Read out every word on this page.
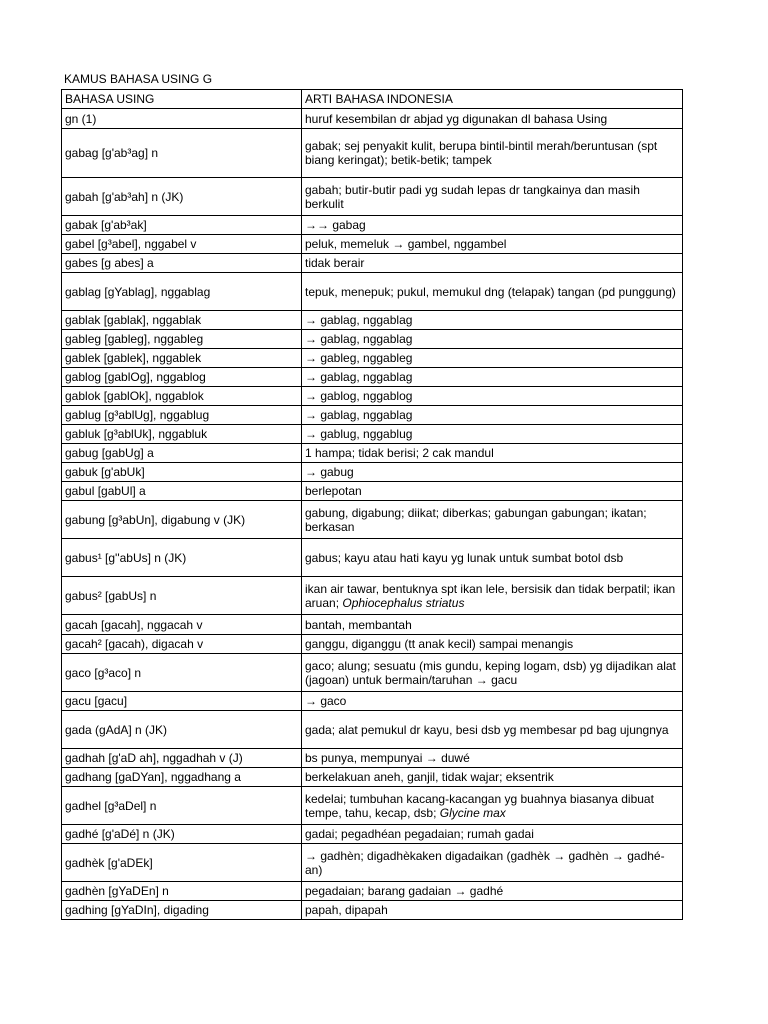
KAMUS BAHASA USING G
BAHASA USING	ARTI BAHASA INDONESIA
gn (1)	huruf kesembilan dr abjad yg digunakan dl bahasa Using
gabag [g'ab³ag] n	gabak; sej penyakit kulit, berupa bintil-bintil merah/beruntusan (spt biang keringat); betik-betik; tampek
gabah [g'ab³ah] n (JK)	gabah; butir-butir padi yg sudah lepas dr tangkainya dan masih berkulit
gabak [g'ab³ak]	→→ gabag
gabel [g³abel], nggabel v	peluk, memeluk → gambel, nggambel
gabes [g abes] a	tidak berair
gablag [gYablag], nggablag	tepuk, menepuk; pukul, memukul dng (telapak) tangan (pd punggung)
gablak [gablak], nggablak	→ gablag, nggablag
gableg [gableg], nggableg	→ gablag, nggablag
gablek [gablek], nggablek	→ gableg, nggableg
gablog [gablOg], nggablog	→ gablag, nggablag
gablok [gablOk], nggablok	→ gablog, nggablog
gablug [g³ablUg], nggablug	→ gablag, nggablag
gabluk [g³ablUk], nggabluk	→ gablug, nggablug
gabug [gabUg] a	1 hampa; tidak berisi; 2 cak mandul
gabuk [g'abUk]	→ gabug
gabul [gabUl] a	berlepotan
gabung [g³abUn], digabung v (JK)	gabung, digabung; diikat; diberkas; gabungan gabungan; ikatan; berkasan
gabus¹ [g''abUs] n (JK)	gabus; kayu atau hati kayu yg lunak untuk sumbat botol dsb
gabus² [gabUs] n	ikan air tawar, bentuknya spt ikan lele, bersisik dan tidak berpatil; ikan aruan; Ophiocephalus striatus
gacah [gacah], nggacah v	bantah, membantah
gacah² [gacah), digacah v	ganggu, diganggu (tt anak kecil) sampai menangis
gaco [g³aco] n	gaco; alung; sesuatu (mis gundu, keping logam, dsb) yg dijadikan alat (jagoan) untuk bermain/taruhan → gacu
gacu [gacu]	→ gaco
gada (gAdA] n (JK)	gada; alat pemukul dr kayu, besi dsb yg membesar pd bag ujungnya
gadhah [g'aD ah], nggadhah v (J)	bs punya, mempunyai → duwé
gadhang [gaDYan], nggadhang a	berkelakuan aneh, ganjil, tidak wajar; eksentrik
gadhel [g³aDel] n	kedelai; tumbuhan kacang-kacangan yg buahnya biasanya dibuat tempe, tahu, kecap, dsb; Glycine max
gadhé [g'aDé] n (JK)	gadai; pegadhéan pegadaian; rumah gadai
gadhèk [g'aDEk]	→ gadhèn; digadhèkaken digadaikan (gadhèk → gadhèn → gadhé-an)
gadhèn [gYaDEn] n	pegadaian; barang gadaian → gadhé
gadhing [gYaDIn], digading	papah, dipapah
